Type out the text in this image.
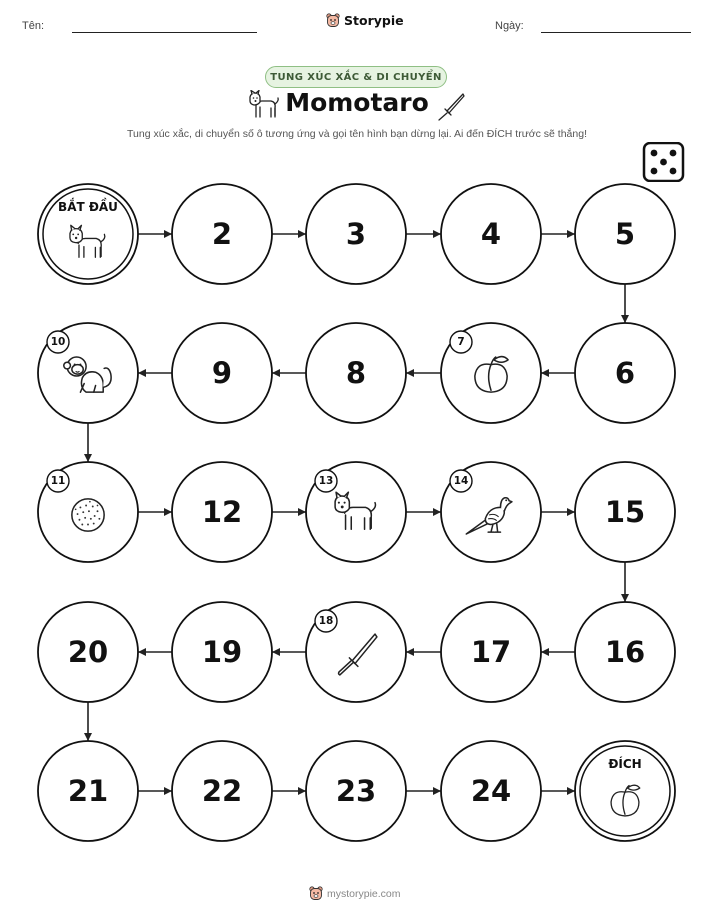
Tên:	Storypie	Ngày:
TUNG XÚC XẮC & DI CHUYỂN
Momotaro
Tung xúc xắc, di chuyển số ô tương ứng và gọi tên hình bạn dừng lại. Ai đến ĐÍCH trước sẽ thắng!
BẮT ĐẦU
2	3	4	5
6
7
8
9
10
11
12
13	14
15
16
17
18
19
20
21	22	23	24
ĐÍCH
mystorypie.com
